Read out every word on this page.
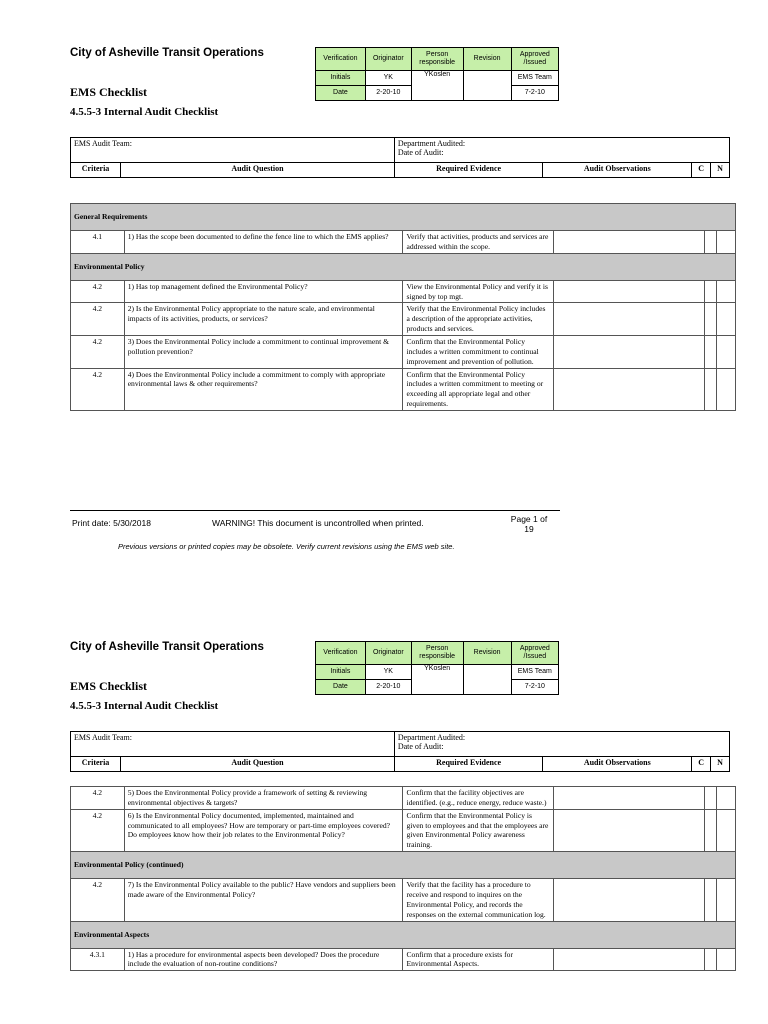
City of Asheville Transit Operations
EMS Checklist
4.5.5-3 Internal Audit Checklist
Verification	Originator	Person responsible	Revision	Approved /Issued
Initials	YK	YKoslen		EMS Team
Date	2-20-10			7-2-10
EMS Audit Team:		Department Audited:
Date of Audit:			

Criteria	Audit Question	Required Evidence	Audit Observations	C	N
General Requirements					
4.1	1) Has the scope been documented to define the fence line to which the EMS applies?	Verify that activities, products and services are addressed within the scope.			
Environmental Policy					
4.2	1) Has top management defined the Environmental Policy?	View the Environmental Policy and verify it is signed by top mgt.			
4.2	2) Is the Environmental Policy appropriate to the nature scale, and environmental impacts of its activities, products, or services?	Verify that the Environmental Policy includes a description of the appropriate activities, products and services.			
4.2	3) Does the Environmental Policy include a commitment to continual improvement & pollution prevention?	Confirm that the Environmental Policy includes a written commitment to continual improvement and prevention of pollution.			
4.2	4) Does the Environmental Policy include a commitment to comply with appropriate environmental laws & other requirements?	Confirm that the Environmental Policy includes a written commitment to meeting or exceeding all appropriate legal and other requirements.			
Print date: 5/30/2018	WARNING! This document is uncontrolled when printed.	Page 1 of 19
Previous versions or printed copies may be obsolete. Verify current revisions using the EMS web site.
City of Asheville Transit Operations
EMS Checklist
4.5.5-3 Internal Audit Checklist
Verification	Originator	Person responsible	Revision	Approved /Issued
Initials	YK	YKoslen		EMS Team
Date	2-20-10			7-2-10
EMS Audit Team:		Department Audited:
Date of Audit:			

Criteria	Audit Question	Required Evidence	Audit Observations	C	N
4.2	5) Does the Environmental Policy provide a framework of setting & reviewing environmental objectives & targets?	Confirm that the facility objectives are identified. (e.g., reduce energy, reduce waste.)			
4.2	6) Is the Environmental Policy documented, implemented, maintained and communicated to all employees? How are temporary or part-time employees covered? Do employees know how their job relates to the Environmental Policy?	Confirm that the Environmental Policy is given to employees and that the employees are given Environmental Policy awareness training.			
Environmental Policy (continued)					
4.2	7) Is the Environmental Policy available to the public? Have vendors and suppliers been made aware of the Environmental Policy?	Verify that the facility has a procedure to receive and respond to inquires on the Environmental Policy, and records the responses on the external communication log.			
Environmental Aspects					
4.3.1	1) Has a procedure for environmental aspects been developed? Does the procedure include the evaluation of non-routine conditions?	Confirm that a procedure exists for Environmental Aspects.			
